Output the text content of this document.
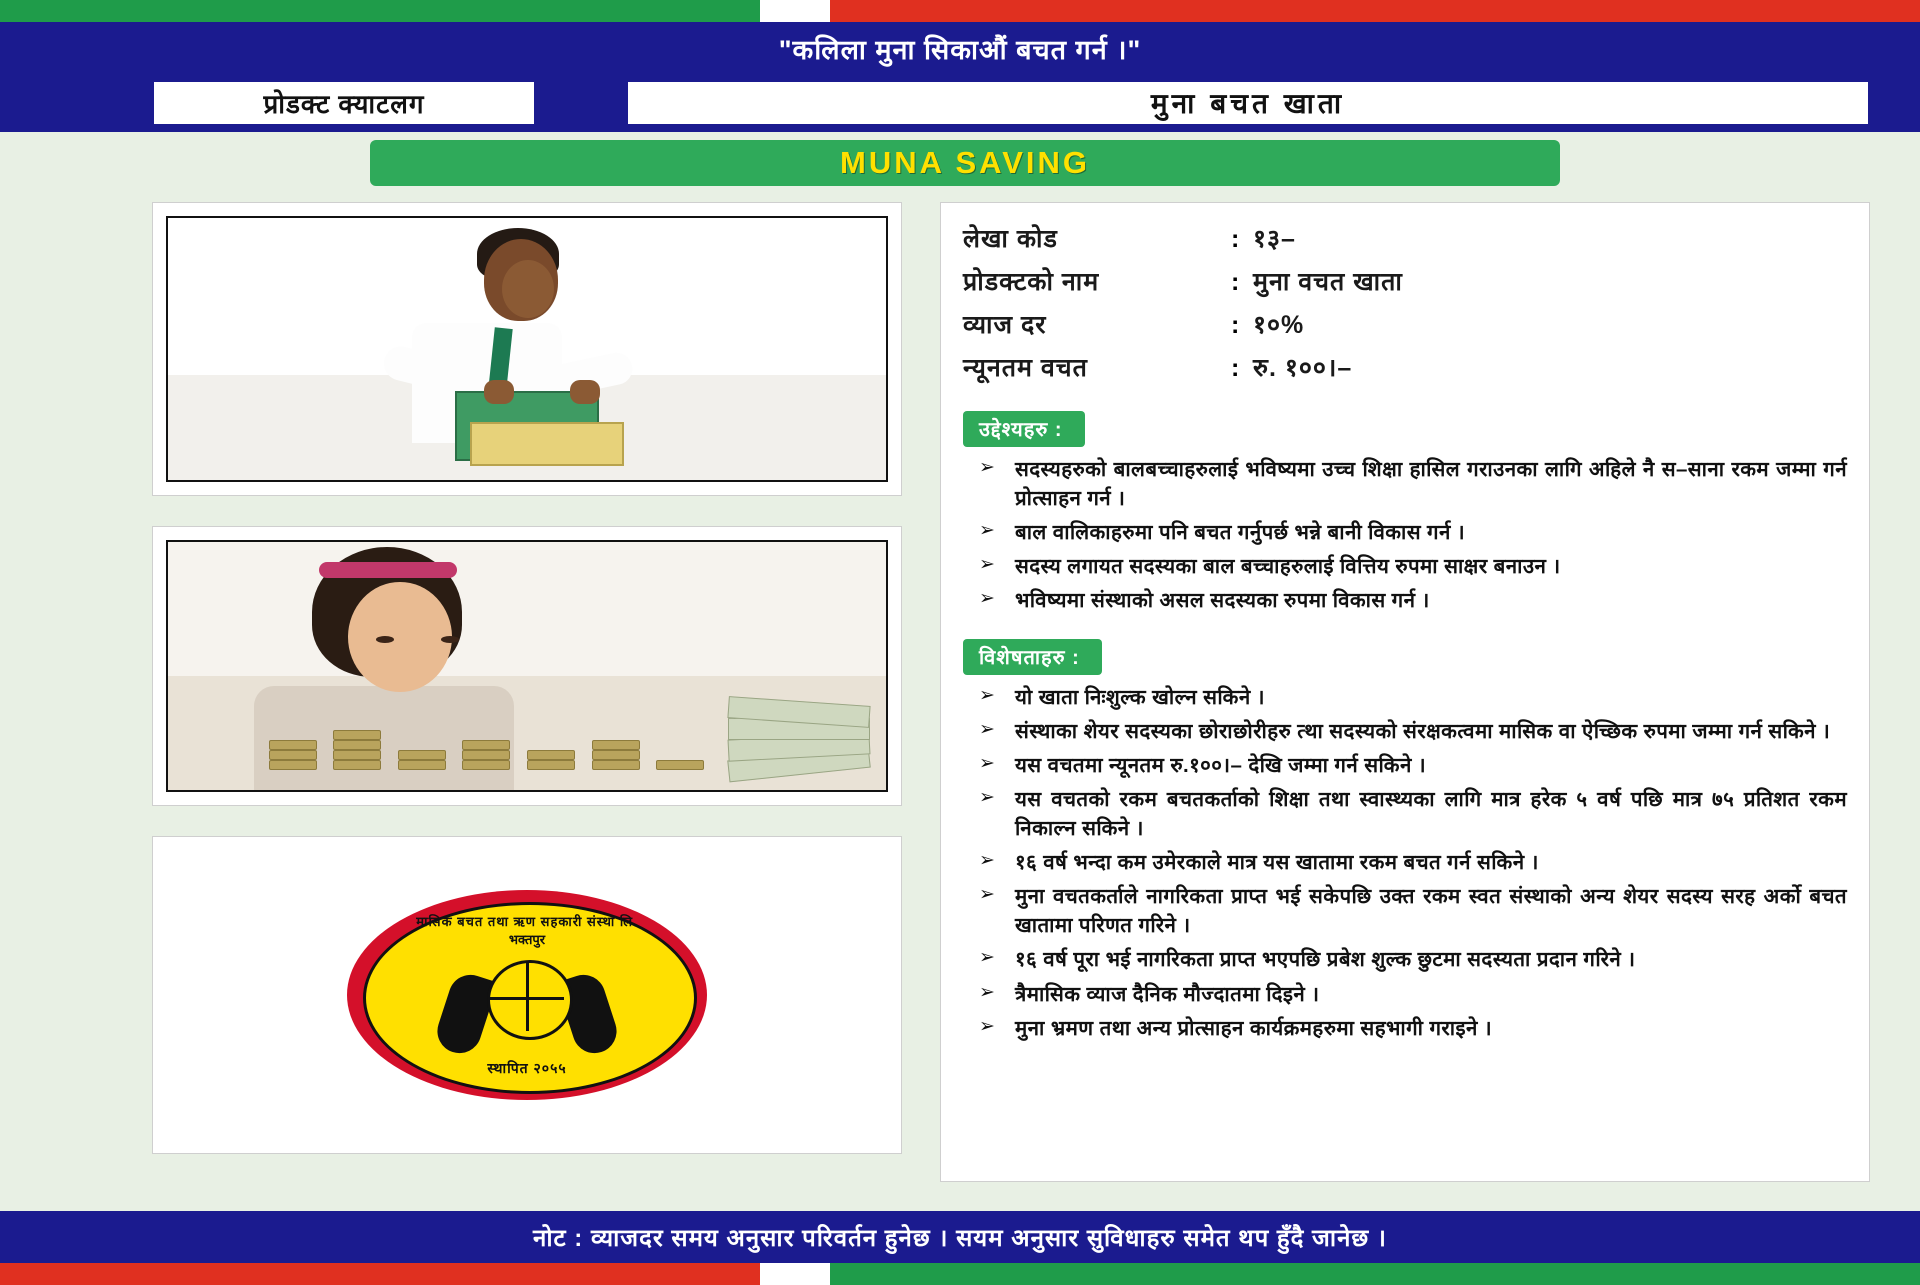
"कलिला मुना सिकाऔं बचत गर्न ।"
प्रोडक्ट क्याटलग	मुना बचत खाता
MUNA SAVING
मासिक बचत तथा ऋण सहकारी संस्था लि.
भक्तपुर
स्थापित २०५५
लेखा कोड	: १३–
प्रोडक्टको नाम	: मुना वचत खाता
व्याज दर	: १०%
न्यूनतम वचत	: रु. १००।–
उद्देश्यहरु :
➢ सदस्यहरुको बालबच्चाहरुलाई भविष्यमा उच्च शिक्षा हासिल गराउनका लागि अहिले नै स–साना रकम जम्मा गर्न प्रोत्साहन गर्न ।
➢ बाल वालिकाहरुमा पनि बचत गर्नुपर्छ भन्ने बानी विकास गर्न ।
➢ सदस्य लगायत सदस्यका बाल बच्चाहरुलाई वित्तिय रुपमा साक्षर बनाउन ।
➢ भविष्यमा संस्थाको असल सदस्यका रुपमा विकास गर्न ।
विशेषताहरु :
➢ यो खाता निःशुल्क खोल्न सकिने ।
➢ संस्थाका शेयर सदस्यका छोराछोरीहरु त्था सदस्यको संरक्षकत्वमा मासिक वा ऐच्छिक रुपमा जम्मा गर्न सकिने ।
➢ यस वचतमा न्यूनतम रु.१००।– देखि जम्मा गर्न सकिने ।
➢ यस वचतको रकम बचतकर्ताको शिक्षा तथा स्वास्थ्यका लागि मात्र हरेक ५ वर्ष पछि मात्र ७५ प्रतिशत रकम निकाल्न सकिने ।
➢ १६ वर्ष भन्दा कम उमेरकाले मात्र यस खातामा रकम बचत गर्न सकिने ।
➢ मुना वचतकर्ताले नागरिकता प्राप्त भई सकेपछि उक्त रकम स्वत संस्थाको अन्य शेयर सदस्य सरह अर्को बचत खातामा परिणत गरिने ।
➢ १६ वर्ष पूरा भई नागरिकता प्राप्त भएपछि प्रबेश शुल्क छुटमा सदस्यता प्रदान गरिने ।
➢ त्रैमासिक व्याज दैनिक मौज्दातमा दिइने ।
➢ मुना भ्रमण तथा अन्य प्रोत्साहन कार्यक्रमहरुमा सहभागी गराइने ।
नोट : व्याजदर समय अनुसार परिवर्तन हुनेछ । सयम अनुसार सुविधाहरु समेत थप हुँदै जानेछ ।
